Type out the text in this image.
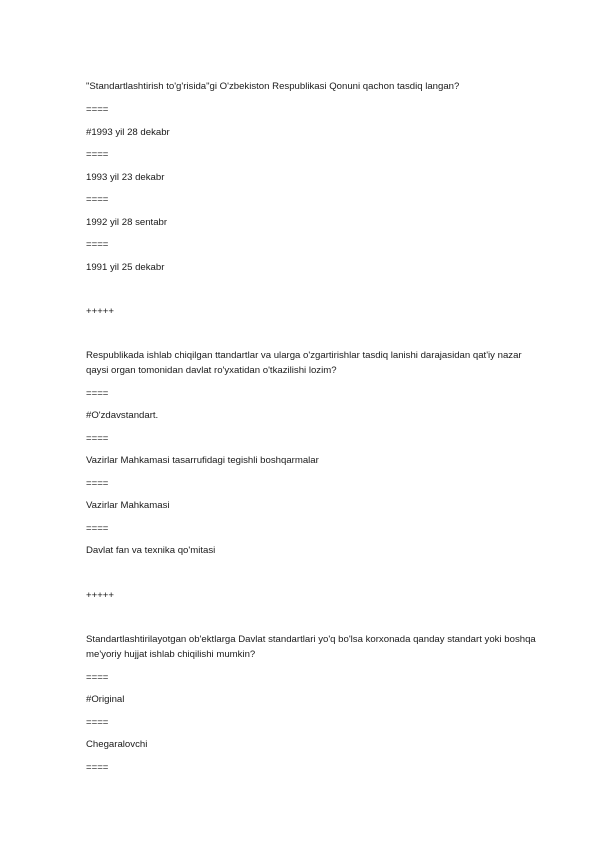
"Standartlashtirish to'g'risida"gi O'zbekiston Respublikasi Qonuni qachon tasdiq langan?
====
#1993 yil 28 dekabr
====
1993 yil 23 dekabr
====
1992 yil 28 sentabr
====
1991 yil 25 dekabr
+++++
Respublikada ishlab chiqilgan ttandartlar va ularga o'zgartirishlar tasdiq lanishi darajasidan qat'iy nazar qaysi organ tomonidan davlat ro'yxatidan o'tkazilishi lozim?
====
#O'zdavstandart.
====
Vazirlar Mahkamasi tasarrufidagi tegishli boshqarmalar
====
Vazirlar Mahkamasi
====
Davlat fan va texnika qo'mitasi
+++++
Standartlashtirilayotgan ob'ektlarga Davlat standartlari yo'q bo'lsa korxonada qanday standart yoki boshqa me'yoriy hujjat ishlab chiqilishi mumkin?
====
#Original
====
Chegaralovchi
====
